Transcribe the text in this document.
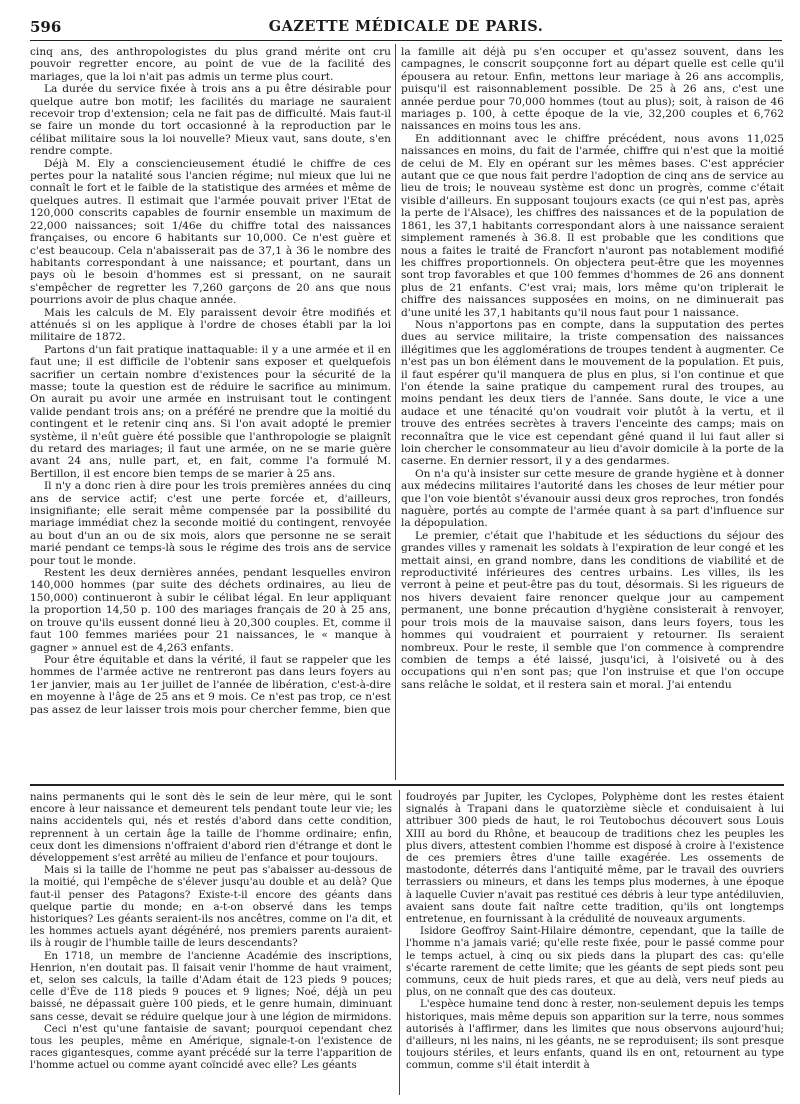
596	GAZETTE MÉDICALE DE PARIS.

cinq ans, des anthropologistes du plus grand mérite ont cru pouvoir regretter encore, au point de vue de la facilité des mariages, que la loi n'ait pas admis un terme plus court.

La durée du service fixée à trois ans a pu être désirable pour quelque autre bon motif; les facilités du mariage ne sauraient recevoir trop d'extension; cela ne fait pas de difficulté. Mais faut-il se faire un monde du tort occasionné à la reproduction par le célibat militaire sous la loi nouvelle? Mieux vaut, sans doute, s'en rendre compte.

Déjà M. Ely a consciencieusement étudié le chiffre de ces pertes pour la natalité sous l'ancien régime; nul mieux que lui ne connaît le fort et le faible de la statistique des armées et même de quelques autres. Il estimait que l'armée pouvait priver l'Etat de 120,000 conscrits capables de fournir ensemble un maximum de 22,000 naissances; soit 1/46e du chiffre total des naissances françaises, ou encore 6 habitants sur 10,000. Ce n'est guère et c'est beaucoup. Cela n'abaisserait pas de 37,1 à 36 le nombre des habitants correspondant à une naissance; et pourtant, dans un pays où le besoin d'hommes est si pressant, on ne saurait s'empêcher de regretter les 7,260 garçons de 20 ans que nous pourrions avoir de plus chaque année.

Mais les calculs de M. Ely paraissent devoir être modifiés et atténués si on les applique à l'ordre de choses établi par la loi militaire de 1872.

Partons d'un fait pratique inattaquable: il y a une armée et il en faut une; il est difficile de l'obtenir sans exposer et quelquefois sacrifier un certain nombre d'existences pour la sécurité de la masse; toute la question est de réduire le sacrifice au minimum. On aurait pu avoir une armée en instruisant tout le contingent valide pendant trois ans; on a préféré ne prendre que la moitié du contingent et le retenir cinq ans. Si l'on avait adopté le premier système, il n'eût guère été possible que l'anthropologie se plaignît du retard des mariages; il faut une armée, on ne se marie guère avant 24 ans, nulle part, et, en fait, comme l'a formulé M. Bertillon, il est encore bien temps de se marier à 25 ans.

Il n'y a donc rien à dire pour les trois premières années du cinq ans de service actif; c'est une perte forcée et, d'ailleurs, insignifiante; elle serait même compensée par la possibilité du mariage immédiat chez la seconde moitié du contingent, renvoyée au bout d'un an ou de six mois, alors que personne ne se serait marié pendant ce temps-là sous le régime des trois ans de service pour tout le monde.

Restent les deux dernières années, pendant lesquelles environ 140,000 hommes (par suite des déchets ordinaires, au lieu de 150,000) continueront à subir le célibat légal. En leur appliquant la proportion 14,50 p. 100 des mariages français de 20 à 25 ans, on trouve qu'ils eussent donné lieu à 20,300 couples. Et, comme il faut 100 femmes mariées pour 21 naissances, le « manque à gagner » annuel est de 4,263 enfants.

Pour être équitable et dans la vérité, il faut se rappeler que les hommes de l'armée active ne rentreront pas dans leurs foyers au 1er janvier, mais au 1er juillet de l'année de libération, c'est-à-dire en moyenne à l'âge de 25 ans et 9 mois. Ce n'est pas trop, ce n'est pas assez de leur laisser trois mois pour chercher femme, bien que

la famille ait déjà pu s'en occuper et qu'assez souvent, dans les campagnes, le conscrit soupçonne fort au départ quelle est celle qu'il épousera au retour. Enfin, mettons leur mariage à 26 ans accomplis, puisqu'il est raisonnablement possible. De 25 à 26 ans, c'est une année perdue pour 70,000 hommes (tout au plus); soit, à raison de 46 mariages p. 100, à cette époque de la vie, 32,200 couples et 6,762 naissances en moins tous les ans.

En additionnant avec le chiffre précédent, nous avons 11,025 naissances en moins, du fait de l'armée, chiffre qui n'est que la moitié de celui de M. Ely en opérant sur les mêmes bases. C'est apprécier autant que ce que nous fait perdre l'adoption de cinq ans de service au lieu de trois; le nouveau système est donc un progrès, comme c'était visible d'ailleurs. En supposant toujours exacts (ce qui n'est pas, après la perte de l'Alsace), les chiffres des naissances et de la population de 1861, les 37,1 habitants correspondant alors à une naissance seraient simplement ramenés à 36.8. Il est probable que les conditions que nous a faites le traité de Francfort n'auront pas notablement modifié les chiffres proportionnels. On objectera peut-être que les moyennes sont trop favorables et que 100 femmes d'hommes de 26 ans donnent plus de 21 enfants. C'est vrai; mais, lors même qu'on triplerait le chiffre des naissances supposées en moins, on ne diminuerait pas d'une unité les 37,1 habitants qu'il nous faut pour 1 naissance.

Nous n'apportons pas en compte, dans la supputation des pertes dues au service militaire, la triste compensation des naissances illégitimes que les agglomérations de troupes tendent à augmenter. Ce n'est pas un bon élément dans le mouvement de la population. Et puis, il faut espérer qu'il manquera de plus en plus, si l'on continue et que l'on étende la saine pratique du campement rural des troupes, au moins pendant les deux tiers de l'année. Sans doute, le vice a une audace et une ténacité qu'on voudrait voir plutôt à la vertu, et il trouve des entrées secrètes à travers l'enceinte des camps; mais on reconnaîtra que le vice est cependant gêné quand il lui faut aller si loin chercher le consommateur au lieu d'avoir domicile à la porte de la caserne. En dernier ressort, il y a des gendarmes.

On n'a qu'à insister sur cette mesure de grande hygiène et à donner aux médecins militaires l'autorité dans les choses de leur métier pour que l'on voie bientôt s'évanouir aussi deux gros reproches, tron fondés naguère, portés au compte de l'armée quant à sa part d'influence sur la dépopulation.

Le premier, c'était que l'habitude et les séductions du séjour des grandes villes y ramenait les soldats à l'expiration de leur congé et les mettait ainsi, en grand nombre, dans les conditions de viabilité et de reproductivité inférieures des centres urbains. Les villes, ils les verront à peine et peut-être pas du tout, désormais. Si les rigueurs de nos hivers devaient faire renoncer quelque jour au campement permanent, une bonne précaution d'hygiène consisterait à renvoyer, pour trois mois de la mauvaise saison, dans leurs foyers, tous les hommes qui voudraient et pourraient y retourner. Ils seraient nombreux. Pour le reste, il semble que l'on commence à comprendre combien de temps a été laissé, jusqu'ici, à l'oisiveté ou à des occupations qui n'en sont pas; que l'on instruise et que l'on occupe sans relâche le soldat, et il restera sain et moral. J'ai entendu

nains permanents qui le sont dès le sein de leur mère, qui le sont encore à leur naissance et demeurent tels pendant toute leur vie; les nains accidentels qui, nés et restés d'abord dans cette condition, reprennent à un certain âge la taille de l'homme ordinaire; enfin, ceux dont les dimensions n'offraient d'abord rien d'étrange et dont le développement s'est arrêté au milieu de l'enfance et pour toujours.

Mais si la taille de l'homme ne peut pas s'abaisser au-dessous de la moitié, qui l'empêche de s'élever jusqu'au double et au delà? Que faut-il penser des Patagons? Existe-t-il encore des géants dans quelque partie du monde; en a-t-on observé dans les temps historiques? Les géants seraient-ils nos ancêtres, comme on l'a dit, et les hommes actuels ayant dégénéré, nos premiers parents auraient-ils à rougir de l'humble taille de leurs descendants?

En 1718, un membre de l'ancienne Académie des inscriptions, Henrion, n'en doutait pas. Il faisait venir l'homme de haut vraiment, et, selon ses calculs, la taille d'Adam était de 123 pieds 9 pouces; celle d'Ève de 118 pieds 9 pouces et 9 lignes; Noé, déjà un peu baissé, ne dépassait guère 100 pieds, et le genre humain, diminuant sans cesse, devait se réduire quelque jour à une légion de mirmidons.

Ceci n'est qu'une fantaisie de savant; pourquoi cependant chez tous les peuples, même en Amérique, signale-t-on l'existence de races gigantesques, comme ayant précédé sur la terre l'apparition de l'homme actuel ou comme ayant coïncidé avec elle? Les géants

foudroyés par Jupiter, les Cyclopes, Polyphème dont les restes étaient signalés à Trapani dans le quatorzième siècle et conduisaient à lui attribuer 300 pieds de haut, le roi Teutobochus découvert sous Louis XIII au bord du Rhône, et beaucoup de traditions chez les peuples les plus divers, attestent combien l'homme est disposé à croire à l'existence de ces premiers êtres d'une taille exagérée. Les ossements de mastodonte, déterrés dans l'antiquité même, par le travail des ouvriers terrassiers ou mineurs, et dans les temps plus modernes, à une époque à laquelle Cuvier n'avait pas restitué ces débris à leur type antédiluvien, avaient sans doute fait naître cette tradition, qu'ils ont longtemps entretenue, en fournissant à la crédulité de nouveaux arguments.

Isidore Geoffroy Saint-Hilaire démontre, cependant, que la taille de l'homme n'a jamais varié; qu'elle reste fixée, pour le passé comme pour le temps actuel, à cinq ou six pieds dans la plupart des cas: qu'elle s'écarte rarement de cette limite; que les géants de sept pieds sont peu communs, ceux de huit pieds rares, et que au delà, vers neuf pieds au plus, on ne connaît que des cas douteux.

L'espèce humaine tend donc à rester, non-seulement depuis les temps historiques, mais même depuis son apparition sur la terre, nous sommes autorisés à l'affirmer, dans les limites que nous observons aujourd'hui; d'ailleurs, ni les nains, ni les géants, ne se reproduisent; ils sont presque toujours stériles, et leurs enfants, quand ils en ont, retournent au type commun, comme s'il était interdit à
